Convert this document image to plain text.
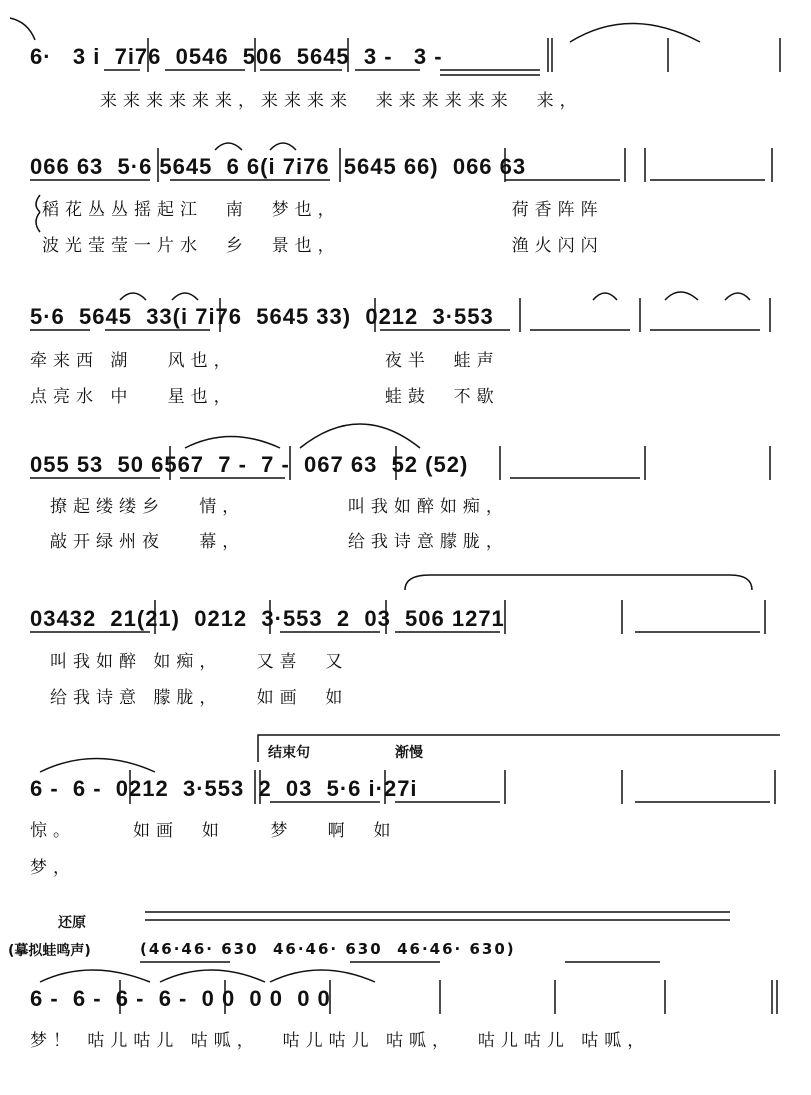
6·   3 i  7i76  0546  506  5645  3 -   3 -
来来来来来来，来来来来  来来来来来来  来，
066 63  5·6 5645  6 6(i 7i76  5645 66)  066 63
稻花丛丛摇起江  南  梦也，               荷香阵阵
波光莹莹一片水  乡  景也，               渔火闪闪
5·6  5645  33(i 7i76  5645 33)  0212  3·553
牵来西 湖   风也，             夜半  蛙声
点亮水 中   星也，             蛙鼓  不歇
055 53  50 6567  7 -  7 -  067 63  52 (52)
撩起缕缕乡   情，         叫我如醉如痴，
敲开绿州夜   幕，         给我诗意朦胧，
03432  21(21)  0212  3·553  2  03  506 1271
叫我如醉 如痴，   又喜  又
给我诗意 朦胧，   如画  如
结束句	渐慢
6 -  6 -  0212  3·553  2  03  5·6 i·27i
惊。     如画  如    梦   啊  如
梦，
还原
(摹拟蛙鸣声)	(46·46· 630  46·46· 630  46·46· 630)
6 -  6 -  6 -  6 -  0 0  0 0  0 0
梦！ 咕儿咕儿 咕呱，  咕儿咕儿 咕呱，  咕儿咕儿 咕呱，
